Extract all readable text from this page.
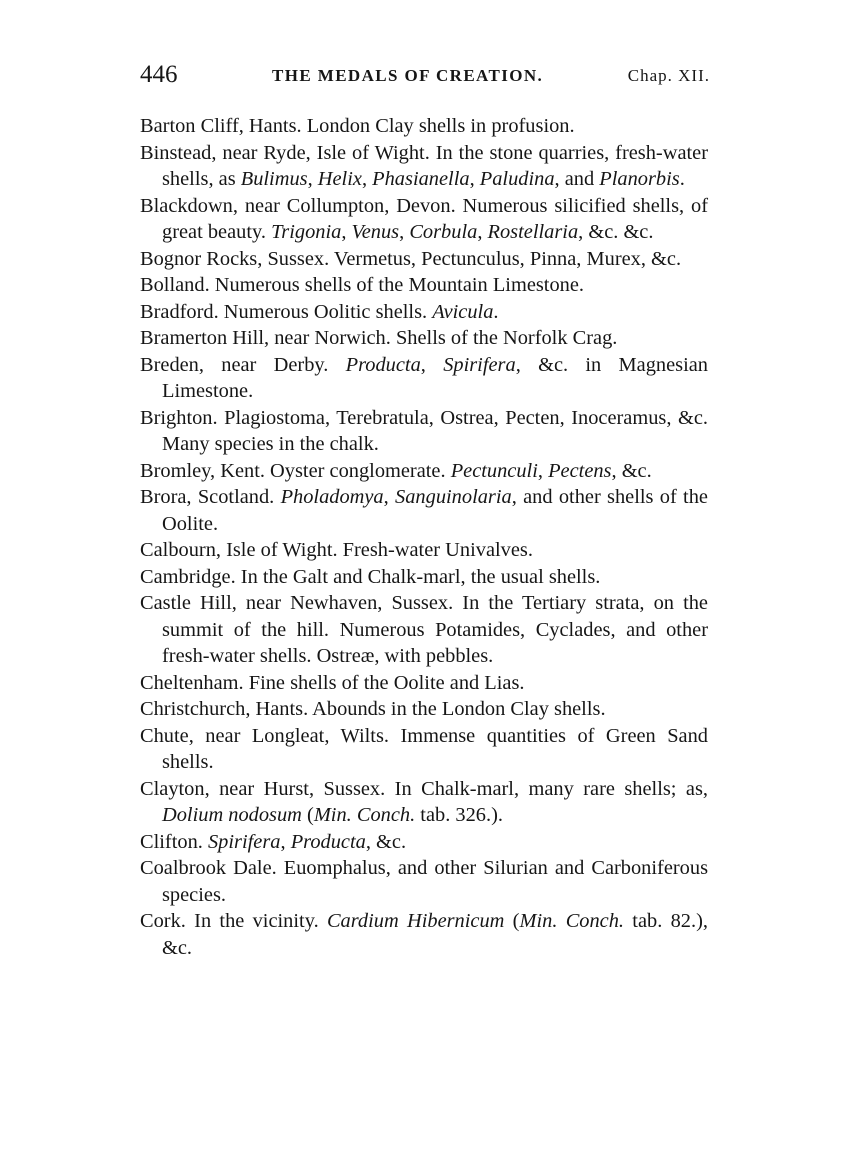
446	THE MEDALS OF CREATION.	Chap. XII.
Barton Cliff, Hants. London Clay shells in profusion.
Binstead, near Ryde, Isle of Wight. In the stone quarries, fresh-water shells, as Bulimus, Helix, Phasianella, Paludina, and Planorbis.
Blackdown, near Collumpton, Devon. Numerous silicified shells, of great beauty. Trigonia, Venus, Corbula, Rostellaria, &c. &c.
Bognor Rocks, Sussex. Vermetus, Pectunculus, Pinna, Murex, &c.
Bolland. Numerous shells of the Mountain Limestone.
Bradford. Numerous Oolitic shells. Avicula.
Bramerton Hill, near Norwich. Shells of the Norfolk Crag.
Breden, near Derby. Producta, Spirifera, &c. in Magnesian Limestone.
Brighton. Plagiostoma, Terebratula, Ostrea, Pecten, Inoceramus, &c. Many species in the chalk.
Bromley, Kent. Oyster conglomerate. Pectunculi, Pectens, &c.
Brora, Scotland. Pholadomya, Sanguinolaria, and other shells of the Oolite.
Calbourn, Isle of Wight. Fresh-water Univalves.
Cambridge. In the Galt and Chalk-marl, the usual shells.
Castle Hill, near Newhaven, Sussex. In the Tertiary strata, on the summit of the hill. Numerous Potamides, Cyclades, and other fresh-water shells. Ostreæ, with pebbles.
Cheltenham. Fine shells of the Oolite and Lias.
Christchurch, Hants. Abounds in the London Clay shells.
Chute, near Longleat, Wilts. Immense quantities of Green Sand shells.
Clayton, near Hurst, Sussex. In Chalk-marl, many rare shells; as, Dolium nodosum (Min. Conch. tab. 326.).
Clifton. Spirifera, Producta, &c.
Coalbrook Dale. Euomphalus, and other Silurian and Carboniferous species.
Cork. In the vicinity. Cardium Hibernicum (Min. Conch. tab. 82.), &c.
